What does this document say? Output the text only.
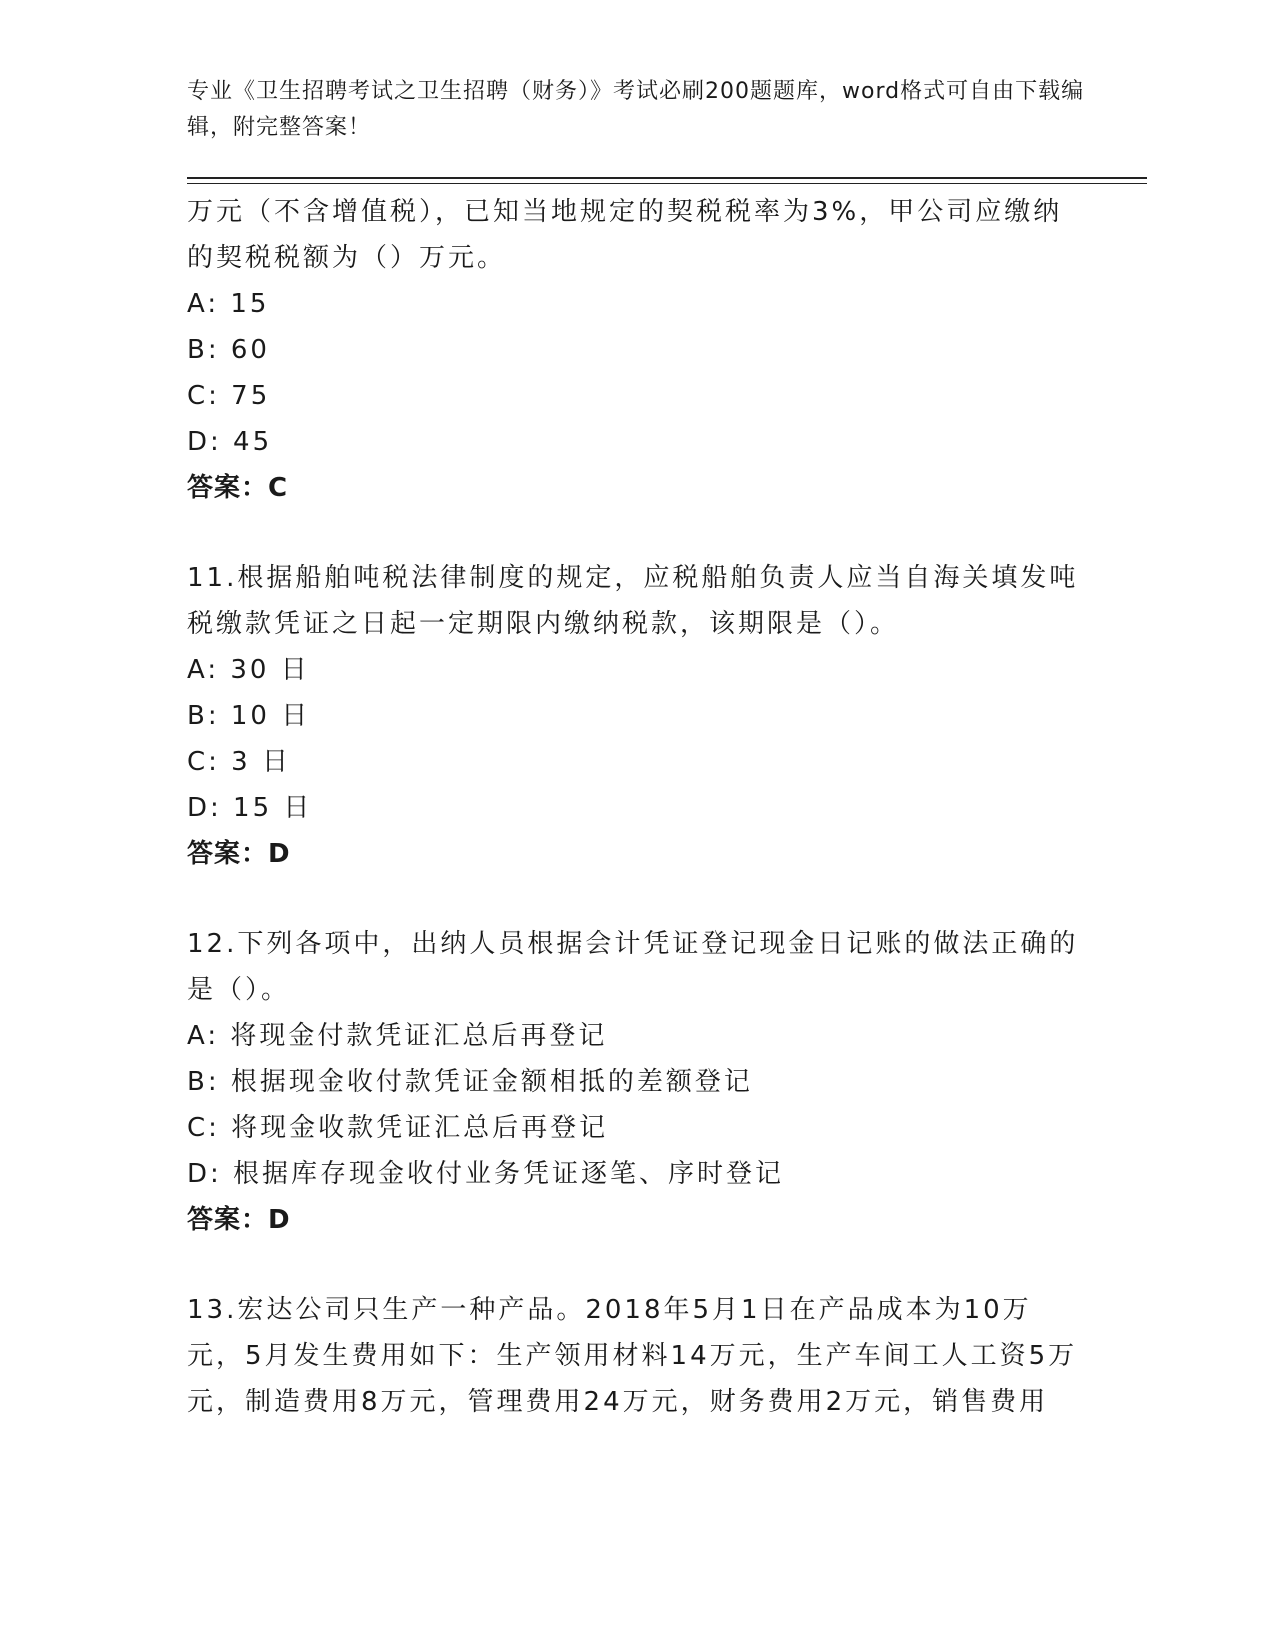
专业《卫生招聘考试之卫生招聘（财务）》考试必刷200题题库，word格式可自由下载编辑，附完整答案！
万元（不含增值税），已知当地规定的契税税率为3%，甲公司应缴纳的契税税额为（）万元。
A: 15
B: 60
C: 75
D: 45
答案：C
11.根据船舶吨税法律制度的规定，应税船舶负责人应当自海关填发吨税缴款凭证之日起一定期限内缴纳税款，该期限是（）。
A: 30 日
B: 10 日
C: 3 日
D: 15 日
答案：D
12.下列各项中，出纳人员根据会计凭证登记现金日记账的做法正确的是（）。
A: 将现金付款凭证汇总后再登记
B: 根据现金收付款凭证金额相抵的差额登记
C: 将现金收款凭证汇总后再登记
D: 根据库存现金收付业务凭证逐笔、序时登记
答案：D
13.宏达公司只生产一种产品。2018年5月1日在产品成本为10万元，5月发生费用如下：生产领用材料14万元，生产车间工人工资5万元，制造费用8万元，管理费用24万元，财务费用2万元，销售费用
